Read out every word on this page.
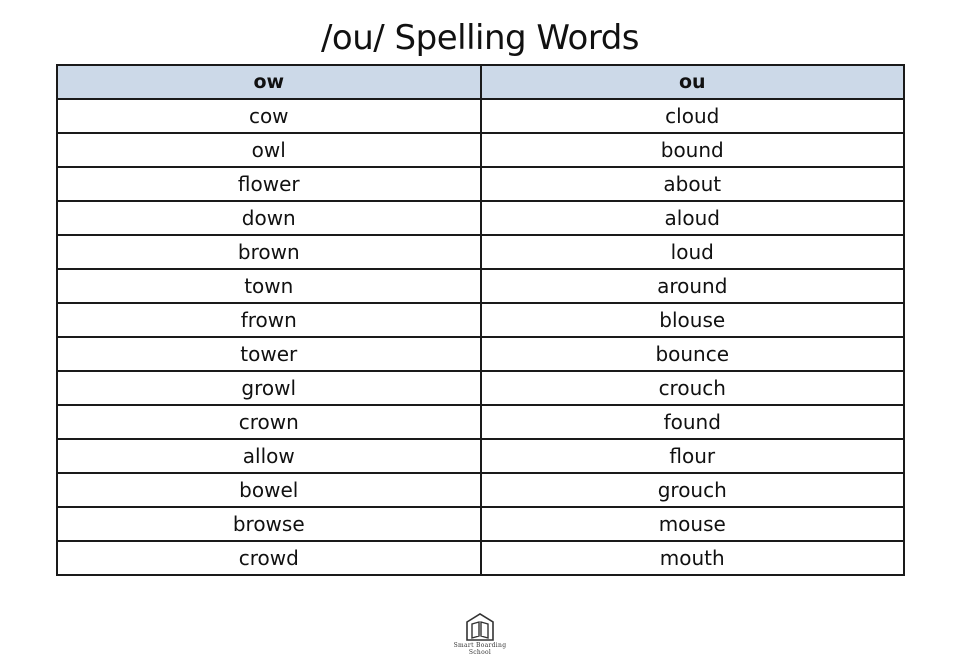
/ou/ Spelling Words
ow	ou
cow	cloud
owl	bound
flower	about
down	aloud
brown	loud
town	around
frown	blouse
tower	bounce
growl	crouch
crown	found
allow	flour
bowel	grouch
browse	mouse
crowd	mouth
Smart Boarding
School
